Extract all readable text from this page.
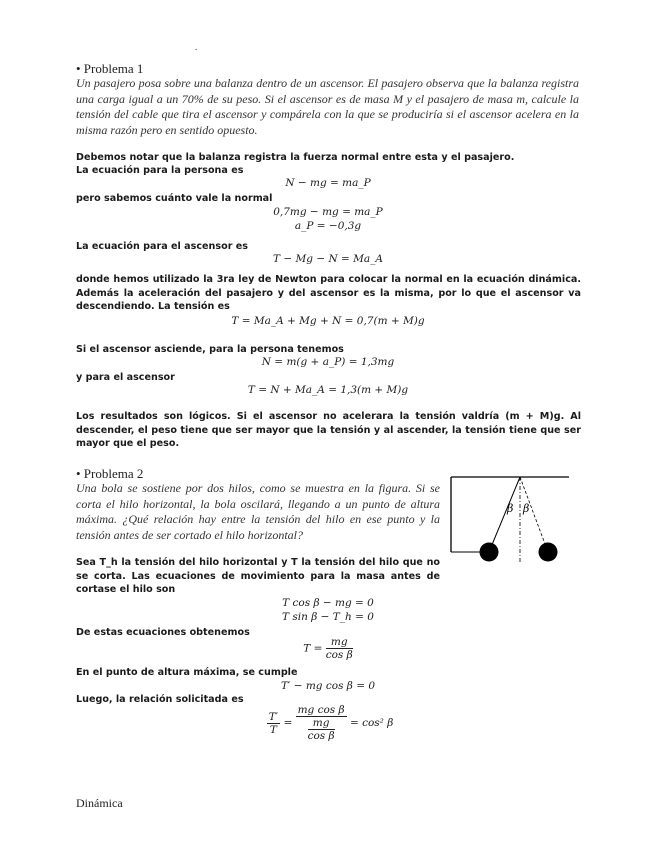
.
• Problema 1
Un pasajero posa sobre una balanza dentro de un ascensor. El pasajero observa que la balanza registra una carga igual a un 70% de su peso. Si el ascensor es de masa M y el pasajero de masa m, calcule la tensión del cable que tira el ascensor y compárela con la que se produciría si el ascensor acelera en la misma razón pero en sentido opuesto.
Debemos notar que la balanza registra la fuerza normal entre esta y el pasajero.
La ecuación para la persona es
N − mg = ma_P
pero sabemos cuánto vale la normal
0,7mg − mg = ma_P
a_P = −0,3g
La ecuación para el ascensor es
T − Mg − N = Ma_A
donde hemos utilizado la 3ra ley de Newton para colocar la normal en la ecuación dinámica. Además la aceleración del pasajero y del ascensor es la misma, por lo que el ascensor va descendiendo. La tensión es
T = Ma_A + Mg + N = 0,7(m + M)g
Si el ascensor asciende, para la persona tenemos
N = m(g + a_P) = 1,3mg
y para el ascensor
T = N + Ma_A = 1,3(m + M)g
Los resultados son lógicos. Si el ascensor no acelerara la tensión valdría (m + M)g. Al descender, el peso tiene que ser mayor que la tensión y al ascender, la tensión tiene que ser mayor que el peso.
• Problema 2
Una bola se sostiene por dos hilos, como se muestra en la figura. Si se corta el hilo horizontal, la bola oscilará, llegando a un punto de altura máxima. ¿Qué relación hay entre la tensión del hilo en ese punto y la tensión antes de ser cortado el hilo horizontal?
β β
Sea T_h la tensión del hilo horizontal y T la tensión del hilo que no se corta. Las ecuaciones de movimiento para la masa antes de cortase el hilo son
T cos β − mg = 0
T sin β − T_h = 0
De estas ecuaciones obtenemos
$T = \frac{mg}{\text{cos β}}$
En el punto de altura máxima, se cumple
T′ − mg cos β = 0
Luego, la relación solicitada es
$\frac{T'}{T} = \frac{\text{mg cos β}}{\frac{mg}{\text{cos β}}} = \cos^2$ β
Dinámica
